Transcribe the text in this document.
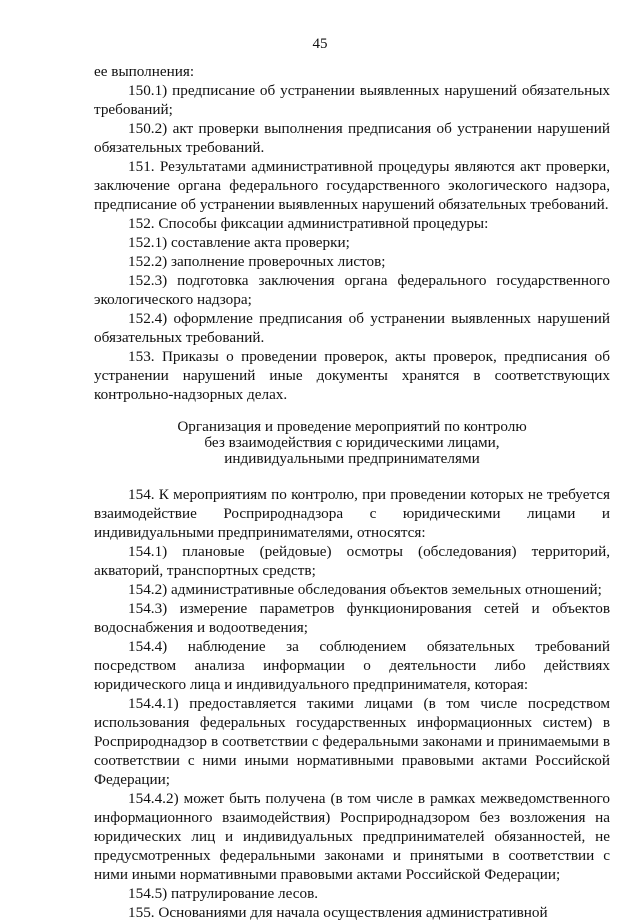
45

ее выполнения:

150.1) предписание об устранении выявленных нарушений обязательных требований;

150.2) акт проверки выполнения предписания об устранении нарушений обязательных требований.

151. Результатами административной процедуры являются акт проверки, заключение органа федерального государственного экологического надзора, предписание об устранении выявленных нарушений обязательных требований.

152. Способы фиксации административной процедуры:

152.1) составление акта проверки;

152.2) заполнение проверочных листов;

152.3) подготовка заключения органа федерального государственного экологического надзора;

152.4) оформление предписания об устранении выявленных нарушений обязательных требований.

153. Приказы о проведении проверок, акты проверок, предписания об устранении нарушений иные документы хранятся в соответствующих контрольно-надзорных делах.

Организация и проведение мероприятий по контролю
без взаимодействия с юридическими лицами,
индивидуальными предпринимателями

154. К мероприятиям по контролю, при проведении которых не требуется взаимодействие Росприроднадзора с юридическими лицами и индивидуальными предпринимателями, относятся:

154.1) плановые (рейдовые) осмотры (обследования) территорий, акваторий, транспортных средств;

154.2) административные обследования объектов земельных отношений;

154.3) измерение параметров функционирования сетей и объектов водоснабжения и водоотведения;

154.4) наблюдение за соблюдением обязательных требований посредством анализа информации о деятельности либо действиях юридического лица и индивидуального предпринимателя, которая:

154.4.1) предоставляется такими лицами (в том числе посредством использования федеральных государственных информационных систем) в Росприроднадзор в соответствии с федеральными законами и принимаемыми в соответствии с ними иными нормативными правовыми актами Российской Федерации;

154.4.2) может быть получена (в том числе в рамках межведомственного информационного взаимодействия) Росприроднадзором без возложения на юридических лиц и индивидуальных предпринимателей обязанностей, не предусмотренных федеральными законами и принятыми в соответствии с ними иными нормативными правовыми актами Российской Федерации;

154.5) патрулирование лесов.

155. Основаниями для начала осуществления административной
